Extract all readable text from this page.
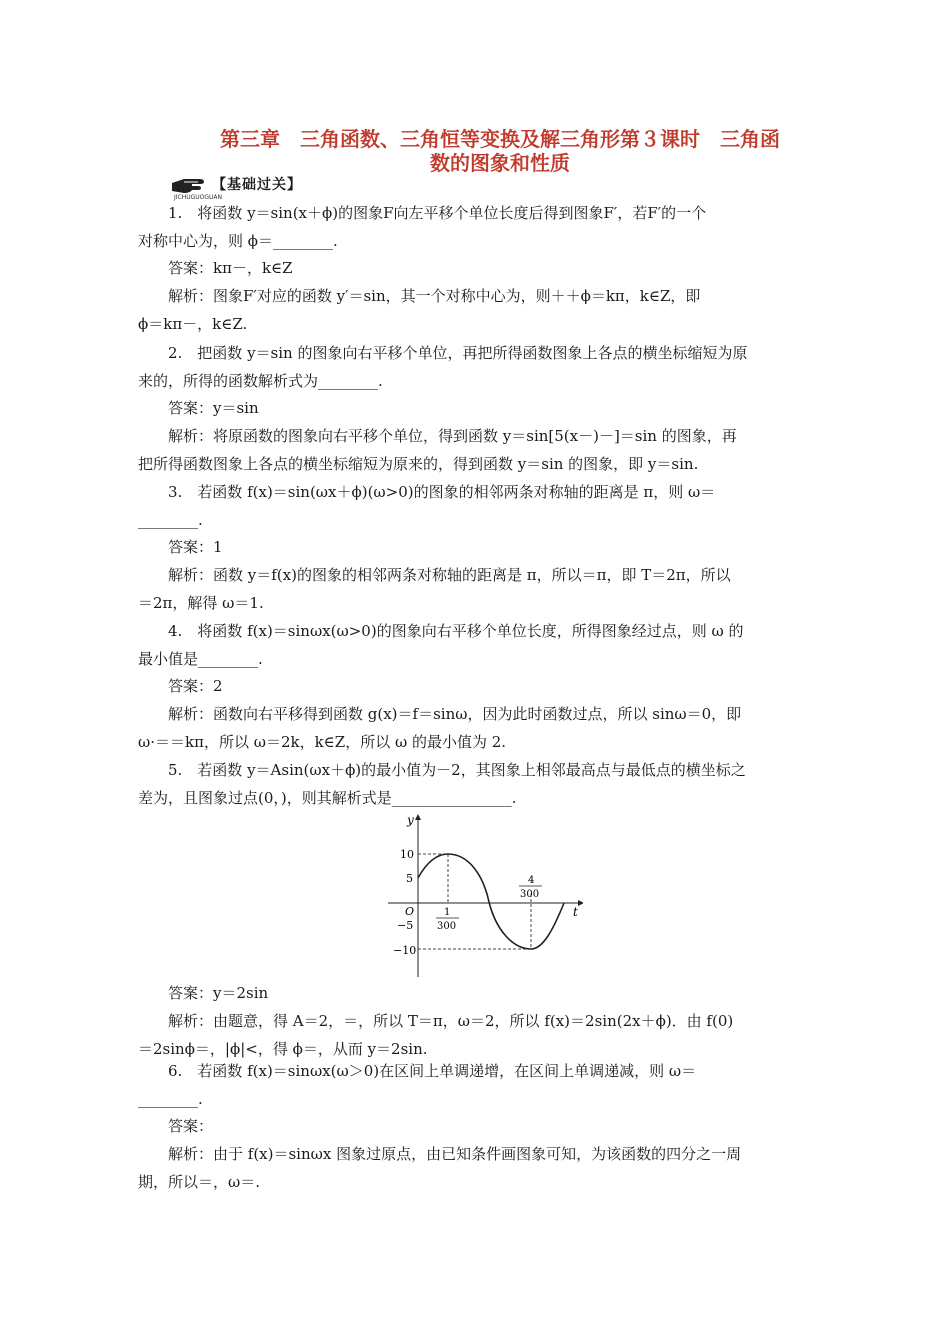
第三章　三角函数、三角恒等变换及解三角形第３课时　三角函
数的图象和性质
【基础过关】
JICHUGUOGUAN
1.　将函数 y＝sin(x＋ϕ)的图象F向左平移个单位长度后得到图象F′，若F′的一个
对称中心为，则 ϕ＝________.
答案：kπ－，k∈Z
解析：图象F′对应的函数 y′＝sin，其一个对称中心为，则＋＋ϕ＝kπ，k∈Z，即
ϕ＝kπ－，k∈Z.
2.　把函数 y＝sin 的图象向右平移个单位，再把所得函数图象上各点的横坐标缩短为原
来的，所得的函数解析式为________.
答案：y＝sin
解析：将原函数的图象向右平移个单位，得到函数 y＝sin[5(x－)－]＝sin 的图象，再
把所得函数图象上各点的横坐标缩短为原来的，得到函数 y＝sin 的图象，即 y＝sin.
3.　若函数 f(x)＝sin(ωx＋ϕ)(ω>0)的图象的相邻两条对称轴的距离是 π，则 ω＝
________.
答案：1
解析：函数 y＝f(x)的图象的相邻两条对称轴的距离是 π，所以＝π，即 T＝2π，所以
＝2π，解得 ω＝1.
4.　将函数 f(x)＝sinωx(ω>0)的图象向右平移个单位长度，所得图象经过点，则 ω 的
最小值是________.
答案：2
解析：函数向右平移得到函数 g(x)＝f＝sinω，因为此时函数过点，所以 sinω＝0，即
ω·＝＝kπ，所以 ω＝2k，k∈Z，所以 ω 的最小值为 2.
5.　若函数 y＝Asin(ωx＋ϕ)的最小值为－2，其图象上相邻最高点与最低点的横坐标之
差为，且图象过点(0，)，则其解析式是________________.
答案：y＝2sin
解析：由题意，得 A＝2，＝，所以 T＝π，ω＝2，所以 f(x)＝2sin(2x＋ϕ)．由 f(0)
＝2sinϕ＝，|ϕ|<，得 ϕ＝，从而 y＝2sin.
6.　若函数 f(x)＝sinωx(ω＞0)在区间上单调递增，在区间上单调递减，则 ω＝
________.
答案：
解析：由于 f(x)＝sinωx 图象过原点，由已知条件画图象可知，为该函数的四分之一周
期，所以＝，ω＝.
y
t
O
10
5
−5
−10
1
300
4
300
